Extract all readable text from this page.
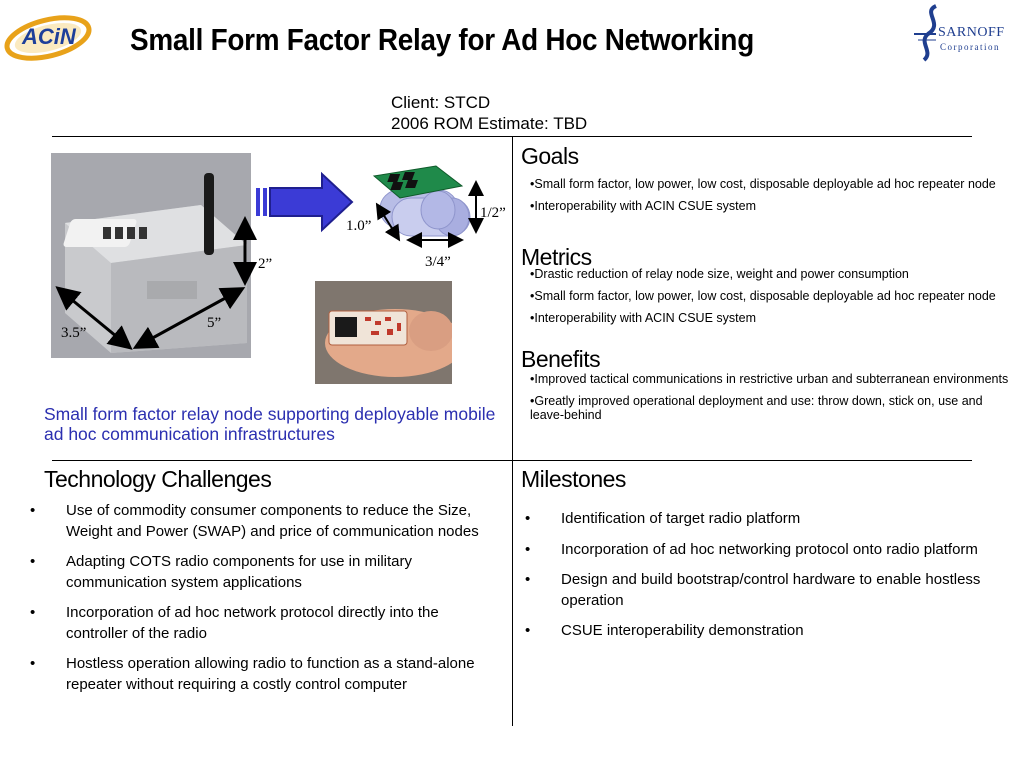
ACiN Small Form Factor Relay for Ad Hoc Networking	SARNOFF
Corporation
Client: STCD
2006 ROM Estimate: TBD
5”
3.5”
2”
1.0”
1/2”
3/4”
Small form factor relay node supporting deployable mobile ad hoc communication infrastructures
Goals
•Small form factor, low power, low cost, disposable deployable ad hoc repeater node
•Interoperability with ACIN CSUE system
Metrics
•Drastic reduction of relay node size, weight and power consumption
•Small form factor, low power, low cost, disposable deployable ad hoc repeater node
•Interoperability with ACIN CSUE system
Benefits
•Improved tactical communications in restrictive urban and subterranean environments
•Greatly improved operational deployment and use: throw down, stick on, use and leave-behind
Technology Challenges
• Use of commodity consumer components to reduce the Size, Weight and Power (SWAP) and price of communication nodes
• Adapting COTS radio components for use in military communication system applications
• Incorporation of ad hoc network protocol directly into the controller of the radio
• Hostless operation allowing radio to function as a stand-alone repeater without requiring a costly control computer
Milestones
• Identification of target radio platform
• Incorporation of ad hoc networking protocol onto radio platform
• Design and build bootstrap/control hardware to enable hostless operation
• CSUE interoperability demonstration
